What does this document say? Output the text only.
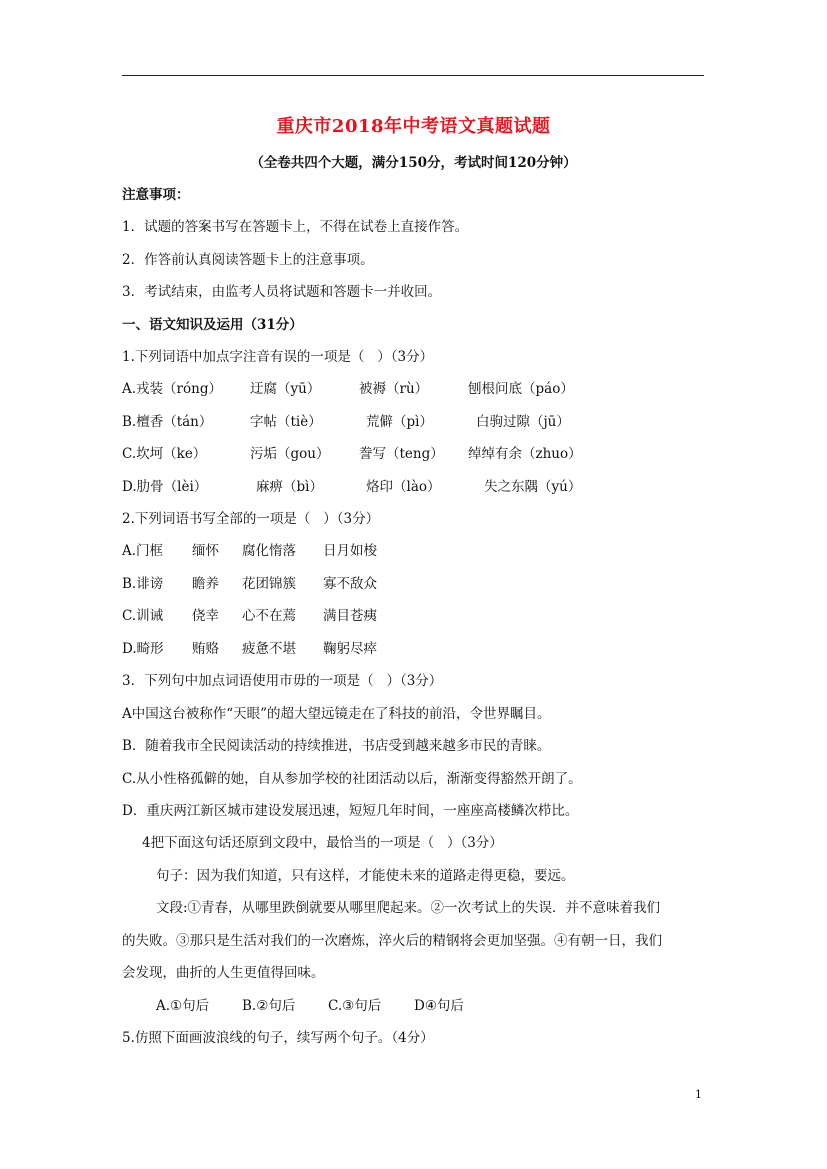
重庆市2018年中考语文真题试题
（全卷共四个大题，满分150分，考试时间120分钟）
注意事项：
1．试题的答案书写在答题卡上，不得在试卷上直接作答。
2．作答前认真阅读答题卡上的注意事项。
3．考试结束，由监考人员将试题和答题卡一并收回。
一、语文知识及运用（31分）
1.下列词语中加点字注音有误的一项是（   ）（3分）
A.戎装（róng） 迂腐（yū）	被褥（rù）	刨根问底（páo）
B.檀香（tán）	字帖（tiè）	荒僻（pì）	白驹过隙（jū）
C.坎坷（ke）	污垢（gou） 誊写（teng） 绰绰有余（zhuo）
D.肋骨（lèi）	麻痹（bì）	烙印（lào）	失之东隅（yú）
2.下列词语书写全部的一项是（   ）（3分）
A.门框 缅怀 腐化惰落 日月如梭
B.诽谤 瞻养 花团锦簇 寡不敌众
C.训诫 侥幸 心不在蔫 满目苍痍
D.畸形 贿赂 疲惫不堪 鞠躬尽瘁
3．下列句中加点词语使用市毋的一项是（   ）（3分）
A中国这台被称作“天眼”的超大望远镜走在了科技的前沿，令世界瞩目。
B．随着我市全民阅读活动的持续推进，书店受到越来越多市民的青睐。
C.从小性格孤僻的她，自从参加学校的社团活动以后，渐渐变得豁然开朗了。
D．重庆两江新区城市建设发展迅速，短短几年时间，一座座高楼鳞次栉比。
4把下面这句话还原到文段中，最恰当的一项是（   ）（3分）
句子：因为我们知道，只有这样，才能使未来的道路走得更稳，要远。
文段:①青春，从哪里跌倒就要从哪里爬起来。②一次考试上的失误．并不意味着我们
的失败。③那只是生活对我们的一次磨炼，淬火后的精钢将会更加坚强。④有朝一日，我们
会发现，曲折的人生更值得回味。
A.①句后 B.②句后 C.③句后 D④句后
5.仿照下面画波浪线的句子，续写两个句子。（4分）
1
